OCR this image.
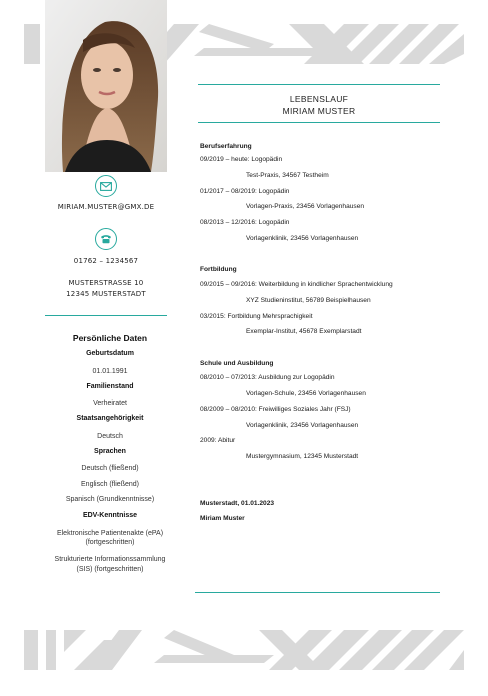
MIRIAM.MUSTER@GMX.DE
01762 – 1234567
MUSTERSTRASSE 10
12345 MUSTERSTADT
Persönliche Daten
Geburtsdatum
01.01.1991
Familienstand
Verheiratet
Staatsangehörigkeit
Deutsch
Sprachen
Deutsch (fließend)
Englisch (fließend)
Spanisch (Grundkenntnisse)
EDV-Kenntnisse
Elektronische Patientenakte (ePA)
(fortgeschritten)
Strukturierte Informationssammlung
(SIS) (fortgeschritten)
LEBENSLAUF
MIRIAM MUSTER
Berufserfahrung
09/2019 – heute: Logopädin
Test-Praxis, 34567 Testheim
01/2017 – 08/2019: Logopädin
Vorlagen-Praxis, 23456 Vorlagenhausen
08/2013 – 12/2016: Logopädin
Vorlagenklinik, 23456 Vorlagenhausen
Fortbildung
09/2015 – 09/2016: Weiterbildung in kindlicher Sprachentwicklung
XYZ Studieninstitut, 56789 Beispielhausen
03/2015: Fortbildung Mehrsprachigkeit
Exemplar-Institut, 45678 Exemplarstadt
Schule und Ausbildung
08/2010 – 07/2013: Ausbildung zur Logopädin
Vorlagen-Schule, 23456 Vorlagenhausen
08/2009 – 08/2010: Freiwilliges Soziales Jahr (FSJ)
Vorlagenklinik, 23456 Vorlagenhausen
2009: Abitur
Mustergymnasium, 12345 Musterstadt
Musterstadt, 01.01.2023
Miriam Muster
